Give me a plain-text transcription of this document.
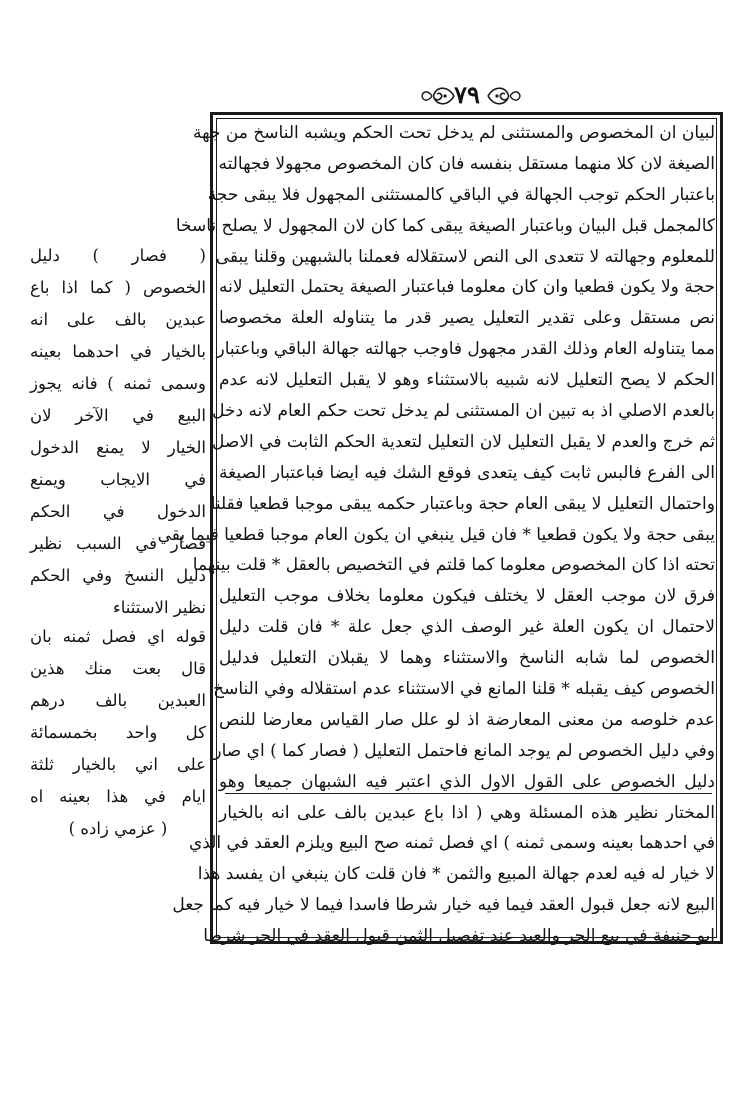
٧٩
لبيان ان المخصوص والمستثنى لم يدخل تحت الحكم ويشبه الناسخ من جهة
الصيغة لان كلا منهما مستقل بنفسه فان كان المخصوص مجهولا فجهالته
باعتبار الحكم توجب الجهالة في الباقي كالمستثنى المجهول فلا يبقى حجة
كالمجمل قبل البيان وباعتبار الصيغة يبقى كما كان لان المجهول لا يصلح ناسخا
للمعلوم وجهالته لا تتعدى الى النص لاستقلاله فعملنا بالشبهين وقلنا يبقى
حجة ولا يكون قطعيا وان كان معلوما فباعتبار الصيغة يحتمل التعليل لانه
نص مستقل وعلى تقدير التعليل يصير قدر ما يتناوله العلة مخصوصا
مما يتناوله العام وذلك القدر مجهول فاوجب جهالته جهالة الباقي وباعتبار
الحكم لا يصح التعليل لانه شبيه بالاستثناء وهو لا يقبل التعليل لانه عدم
بالعدم الاصلي اذ به تبين ان المستثنى لم يدخل تحت حكم العام لانه دخل
ثم خرج والعدم لا يقبل التعليل لان التعليل لتعدية الحكم الثابت في الاصل
الى الفرع فالبس ثابت كيف يتعدى فوقع الشك فيه ايضا فباعتبار الصيغة
واحتمال التعليل لا يبقى العام حجة وباعتبار حكمه يبقى موجبا قطعيا فقلنا
يبقى حجة ولا يكون قطعيا * فان قيل ينبغي ان يكون العام موجبا قطعيا فيما بقي
تحته اذا كان المخصوص معلوما كما قلتم في التخصيص بالعقل * قلت بينهما
فرق لان موجب العقل لا يختلف فيكون معلوما بخلاف موجب التعليل
لاحتمال ان يكون العلة غير الوصف الذي جعل علة * فان قلت دليل
الخصوص لما شابه الناسخ والاستثناء وهما لا يقبلان التعليل فدليل
الخصوص كيف يقبله * قلنا المانع في الاستثناء عدم استقلاله وفي الناسخ
عدم خلوصه من معنى المعارضة اذ لو علل صار القياس معارضا للنص
وفي دليل الخصوص لم يوجد المانع فاحتمل التعليل ( فصار كما ) اي صار
دليل الخصوص على القول الاول الذي اعتبر فيه الشبهان جميعا وهو
المختار نظير هذه المسئلة وهي ( اذا باع عبدين بالف على انه بالخيار
في احدهما بعينه وسمى ثمنه ) اي فصل ثمنه صح البيع ويلزم العقد في الذي
لا خيار له فيه لعدم جهالة المبيع والثمن * فان قلت كان ينبغي ان يفسد هذا
البيع لانه جعل قبول العقد فيما فيه خيار شرطا فاسدا فيما لا خيار فيه كما جعل
ابو حنيفة في بيع الحر والعبد عند تفصيل الثمن قبول العقد في الحر شرطا
( فصار ) دليل
الخصوص ( كما اذا باع
عبدين بالف على انه
بالخيار في احدهما بعينه
وسمى ثمنه ) فانه يجوز
البيع في الآخر لان
الخيار لا يمنع الدخول
في الايجاب ويمنع
الدخول في الحكم
فصار في السبب نظير
دليل النسخ وفي الحكم
نظير الاستثناء
قوله اي فصل ثمنه بان
قال بعت منك هذين
العبدين بالف درهم
كل واحد بخمسمائة
على اني بالخيار ثلثة
ايام في هذا بعينه اه
( عزمي زاده )
